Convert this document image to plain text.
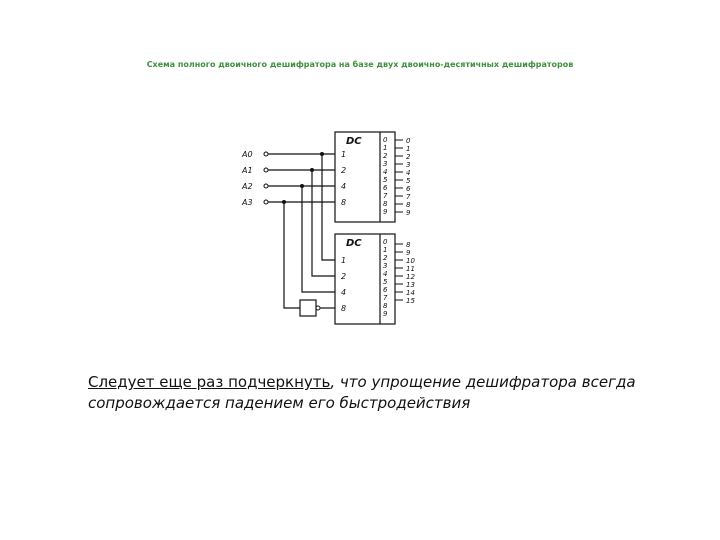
Схема полного двоичного дешифратора на базе двух двоично-десятичных дешифраторов
A0
A1
A2
A3
1
2
4
8
1
2
4
8
0
1
2
3
4
5
6
7
8
9
0
1
2
3
4
5
6
7
8
9
0
1
2
3
4
5
6
7
8
9
8
9
10
11
12
13
14
15
DC
DC
Следует еще раз подчеркнуть, что упрощение дешифратора всегда сопровождается падением его быстродействия
